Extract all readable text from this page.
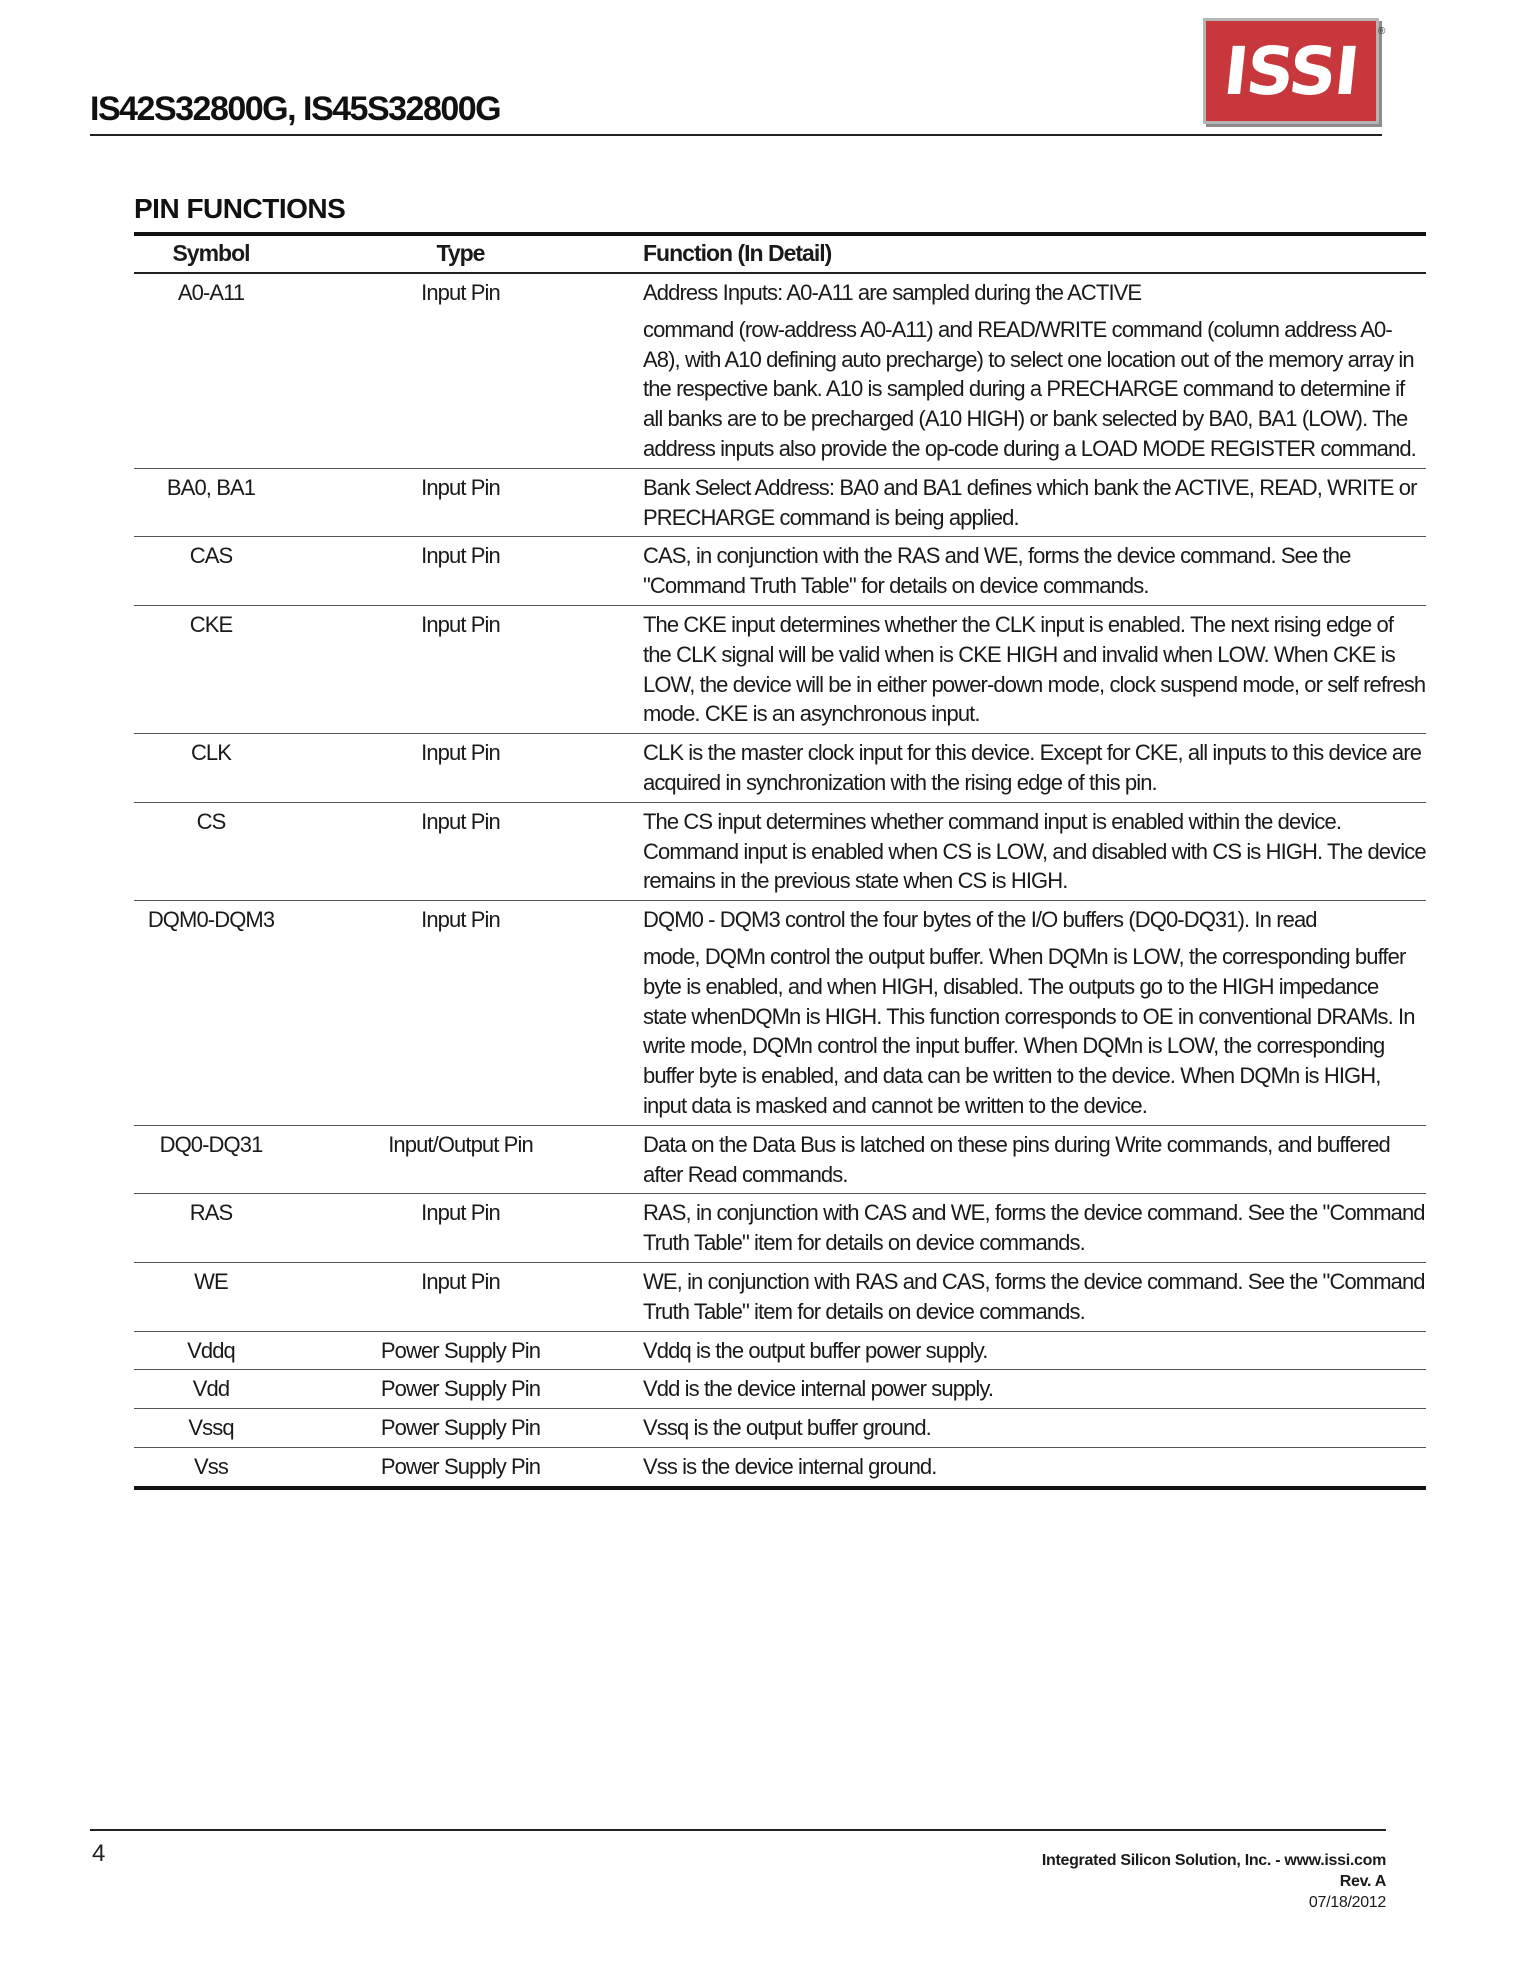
IS42S32800G, IS45S32800G	ISSI
®
PIN FUNCTIONS
Symbol	Type	Function (In Detail)
A0-A11	Input Pin	Address Inputs: A0-A11 are sampled during the ACTIVE

command (row-address A0-A11) and READ/WRITE command (column address A0-A8), with A10 defining auto precharge) to select one location out of the memory array in the respective bank. A10 is sampled during a PRECHARGE command to determine if all banks are to be precharged (A10 HIGH) or bank selected by BA0, BA1 (LOW). The address inputs also provide the op-code during a LOAD MODE REGISTER command.

BA0, BA1	Input Pin	Bank Select Address: BA0 and BA1 defines which bank the ACTIVE, READ, WRITE or PRECHARGE command is being applied.

CAS	Input Pin	CAS, in conjunction with the RAS and WE, forms the device command. See the "Command Truth Table" for details on device commands.

CKE	Input Pin	The CKE input determines whether the CLK input is enabled. The next rising edge of the CLK signal will be valid when is CKE HIGH and invalid when LOW. When CKE is LOW, the device will be in either power-down mode, clock suspend mode, or self refresh mode. CKE is an asynchronous input.

CLK	Input Pin	CLK is the master clock input for this device. Except for CKE, all inputs to this device are acquired in synchronization with the rising edge of this pin.

CS	Input Pin	The CS input determines whether command input is enabled within the device. Command input is enabled when CS is LOW, and disabled with CS is HIGH. The device remains in the previous state when CS is HIGH.

DQM0-DQM3	Input Pin	DQM0 - DQM3 control the four bytes of the I/O buffers (DQ0-DQ31). In read

mode, DQMn control the output buffer. When DQMn is LOW, the corresponding buffer byte is enabled, and when HIGH, disabled. The outputs go to the HIGH impedance state whenDQMn is HIGH. This function corresponds to OE in conventional DRAMs. In write mode, DQMn control the input buffer. When DQMn is LOW, the corresponding buffer byte is enabled, and data can be written to the device. When DQMn is HIGH, input data is masked and cannot be written to the device.

DQ0-DQ31	Input/Output Pin	Data on the Data Bus is latched on these pins during Write commands, and buffered after Read commands.

RAS	Input Pin	RAS, in conjunction with CAS and WE, forms the device command. See the "Command Truth Table" item for details on device commands.

WE	Input Pin	WE, in conjunction with RAS and CAS, forms the device command. See the "Command Truth Table" item for details on device commands.

Vddq	Power Supply Pin	Vddq is the output buffer power supply.

Vdd	Power Supply Pin	Vdd is the device internal power supply.

Vssq	Power Supply Pin	Vssq is the output buffer ground.

Vss	Power Supply Pin	Vss is the device internal ground.

4	Integrated Silicon Solution, Inc. - www.issi.com
Rev. A
07/18/2012
